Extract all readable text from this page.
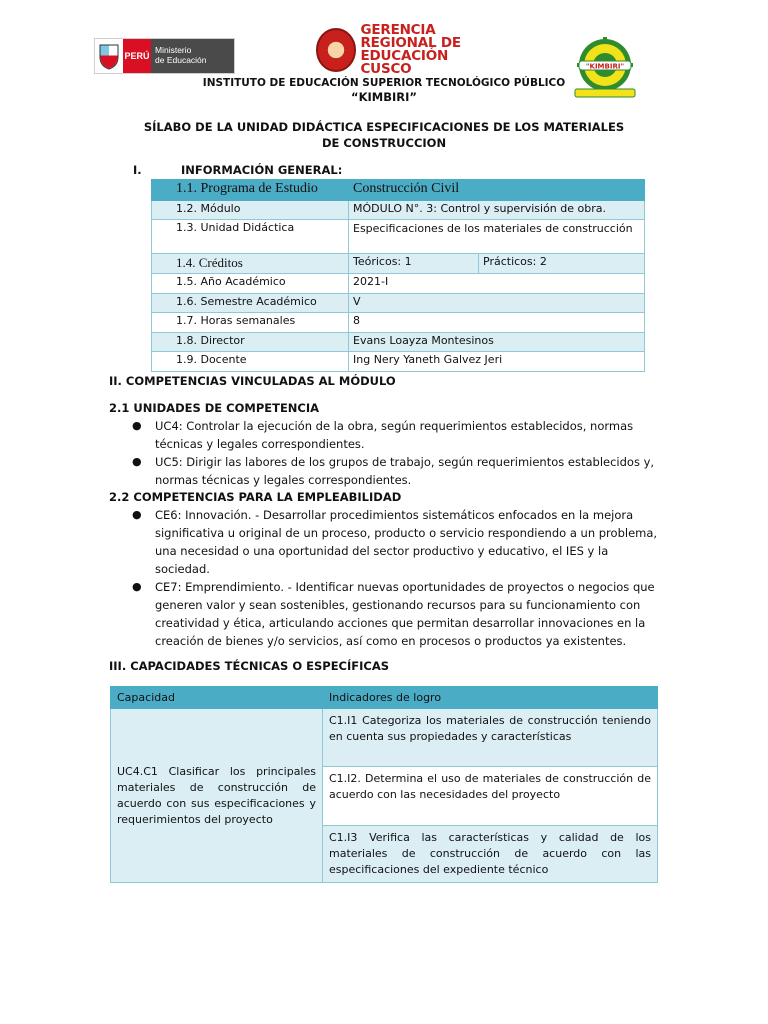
PERÚ
Ministerio
de Educación
GERENCIA
REGIONAL DE
EDUCACIÓN CUSCO	"KIMBIRI"
INSTITUTO DE EDUCACIÓN SUPERIOR TECNOLÓGICO PÚBLICO
“KIMBIRI”
SÍLABO DE LA UNIDAD DIDÁCTICA ESPECIFICACIONES DE LOS MATERIALES DE CONSTRUCCION
I.	INFORMACIÓN GENERAL:
1.1. Programa de Estudio	Construcción Civil	
1.2. Módulo	MÓDULO N°. 3: Control y supervisión de obra.	
1.3. Unidad Didáctica	Especificaciones de los materiales de construcción	
1.4. Créditos	Teóricos: 1	Prácticos: 2
1.5. Año Académico	2021-I	
1.6. Semestre Académico	V	
1.7. Horas semanales	8	
1.8. Director	Evans Loayza Montesinos	
1.9. Docente	Ing Nery Yaneth Galvez Jeri	
II. COMPETENCIAS VINCULADAS AL MÓDULO
2.1 UNIDADES DE COMPETENCIA
● UC4: Controlar la ejecución de la obra, según requerimientos establecidos, normas técnicas y legales correspondientes.
● UC5: Dirigir las labores de los grupos de trabajo, según requerimientos establecidos y, normas técnicas y legales correspondientes.
2.2 COMPETENCIAS PARA LA EMPLEABILIDAD
● CE6: Innovación. - Desarrollar procedimientos sistemáticos enfocados en la mejora significativa u original de un proceso, producto o servicio respondiendo a un problema, una necesidad o una oportunidad del sector productivo y educativo, el IES y la sociedad.
● CE7: Emprendimiento. - Identificar nuevas oportunidades de proyectos o negocios que generen valor y sean sostenibles, gestionando recursos para su funcionamiento con creatividad y ética, articulando acciones que permitan desarrollar innovaciones en la creación de bienes y/o servicios, así como en procesos o productos ya existentes.
III. CAPACIDADES TÉCNICAS O ESPECÍFICAS
Capacidad	Indicadores de logro
UC4.C1 Clasificar los principales materiales de construcción de acuerdo con sus especificaciones y requerimientos del proyecto	C1.I1 Categoriza los materiales de construcción teniendo en cuenta sus propiedades y características
	C1.I2. Determina el uso de materiales de construcción de acuerdo con las necesidades del proyecto
	C1.I3 Verifica las características y calidad de los materiales de construcción de acuerdo con las especificaciones del expediente técnico
